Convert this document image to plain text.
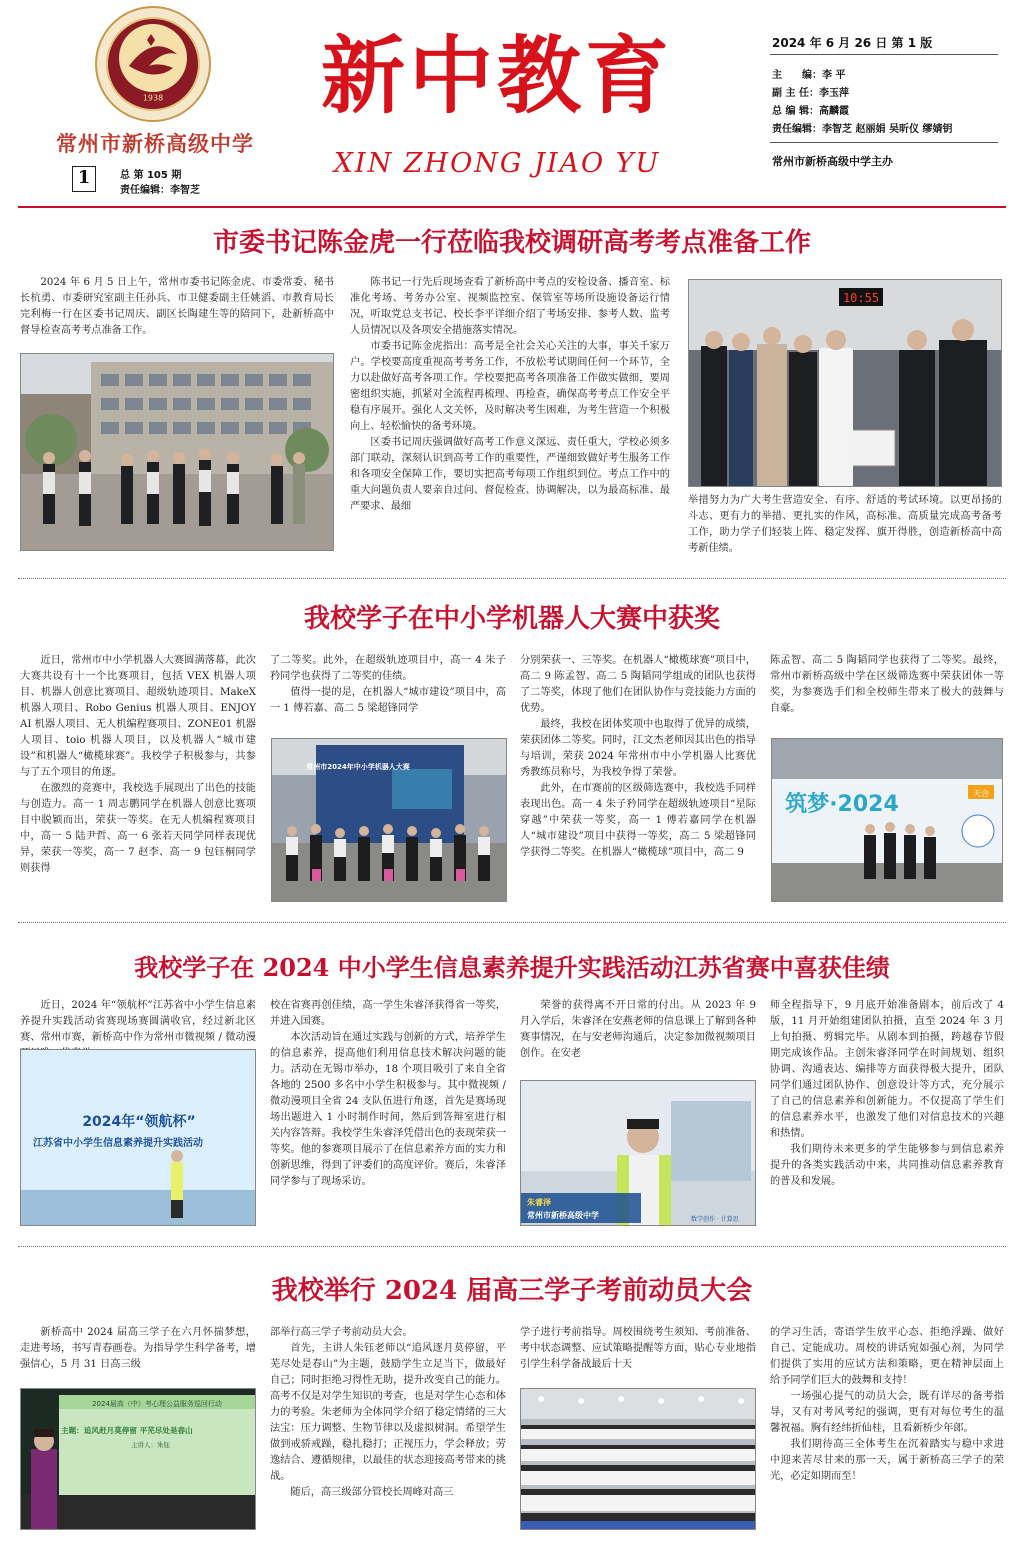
1938
常州市新桥高级中学
1	总 第 105 期
责任编辑：李智芝
新中教育
XIN ZHONG JIAO YU
2024 年 6 月 26 日 第 1 版
主　　编：李 平
副 主 任：李玉萍
总 编 辑：高麟霞
责任编辑：李智芝 赵丽娟 吴昕仪 缪婧钥
常州市新桥高级中学主办
市委书记陈金虎一行莅临我校调研高考考点准备工作

2024 年 6 月 5 日上午，常州市委书记陈金虎、市委常委、秘书长杭勇、市委研究室副主任孙兵、市卫健委副主任姚滔、市教育局长完利梅一行在区委书记周庆、副区长陶建生等的陪同下，赴新桥高中督导检查高考考点准备工作。

陈书记一行先后现场查看了新桥高中考点的安检设备、播音室、标准化考场、考务办公室、视频监控室、保管室等场所设施设备运行情况，听取党总支书记、校长李平详细介绍了考场安排、参考人数、监考人员情况以及各项安全措施落实情况。

市委书记陈金虎指出：高考是全社会关心关注的大事，事关千家万户。学校要高度重视高考考务工作，不放松考试期间任何一个环节，全力以赴做好高考各项工作。学校要把高考各项准备工作做实做细，要周密组织实施，抓紧对全流程再梳理、再检查，确保高考考点工作安全平稳有序展开。强化人文关怀，及时解决考生困难，为考生营造一个积极向上、轻松愉快的备考环境。

区委书记周庆强调做好高考工作意义深远、责任重大，学校必须多部门联动，深刻认识到高考工作的重要性，严谨细致做好考生服务工作和各项安全保障工作，要切实把高考每项工作组织到位。考点工作中的重大问题负责人要亲自过问、督促检查、协调解决，以为最高标准、最严要求、最细

10:55

举措努力为广大考生营造安全、有序、舒适的考试环境。以更昂扬的斗志、更有力的举措、更扎实的作风，高标准、高质量完成高考备考工作，助力学子们轻装上阵、稳定发挥、旗开得胜，创造新桥高中高考新佳绩。

我校学子在中小学机器人大赛中获奖

近日，常州市中小学机器人大赛圆满落幕，此次大赛共设有十一个比赛项目，包括 VEX 机器人项目、机器人创意比赛项目、超级轨迹项目、MakeX 机器人项目、Robo Genius 机器人项目、ENJOY AI 机器人项目、无人机编程赛项目、ZONE01 机器人项目、toio 机器人项目，以及机器人“城市建设”和机器人“橄榄球赛”。我校学子积极参与，共参与了五个项目的角逐。

在激烈的竞赛中，我校选手展现出了出色的技能与创造力。高一 1 周志鹏同学在机器人创意比赛项目中脱颖而出，荣获一等奖。在无人机编程赛项目中，高一 5 陆尹哲、高一 6 张若天同学同样表现优异，荣获一等奖，高一 7 赵李、高一 9 包钰桐同学则获得

了二等奖。此外，在超级轨迹项目中，高一 4 朱子矜同学也获得了二等奖的佳绩。

值得一提的是，在机器人“城市建设”项目中，高一 1 傅若嘉、高二 5 梁超锋同学

常州市2024年中小学机器人大赛

分别荣获一、三等奖。在机器人“橄榄球赛”项目中，高二 9 陈孟智、高二 5 陶韬同学组成的团队也获得了二等奖，体现了他们在团队协作与竞技能力方面的优势。

最终，我校在团体奖项中也取得了优异的成绩，荣获团体二等奖。同时，江文杰老师因其出色的指导与培训，荣获 2024 年常州市中小学机器人比赛优秀教练员称号，为我校争得了荣誉。

此外，在市赛前的区级筛选赛中，我校选手同样表现出色。高一 4 朱子矜同学在超级轨迹项目“星际穿越”中荣获一等奖，高一 1 傅若嘉同学在机器人“城市建设”项目中获得一等奖，高二 5 梁超锋同学获得二等奖。在机器人“橄榄球”项目中，高二 9

陈孟智、高二 5 陶韬同学也获得了二等奖。最终，常州市新桥高级中学在区级筛选赛中荣获团体一等奖，为参赛选手们和全校师生带来了极大的鼓舞与自豪。

筑梦·2024	天合
我校学子在 2024 中小学生信息素养提升实践活动江苏省赛中喜获佳绩

近日，2024 年“领航杯”江苏省中小学生信息素养提升实践活动省赛现场赛圆满收官，经过新北区赛、常州市赛，新桥高中作为常州市微视频 / 微动漫

2024年“领航杯”
江苏省中小学生信息素养提升实践活动

校在省赛再创佳绩，高一学生朱睿泽获得省一等奖，并进入国赛。

本次活动旨在通过实践与创新的方式，培养学生的信息素养，提高他们利用信息技术解决问题的能力。活动在无锡市举办，18 个项目吸引了来自全省各地的 2500 多名中小学生积极参与。其中微视频 / 微动漫项目全省 24 支队伍进行角逐，首先是赛场现场出题进入 1 小时制作时间，然后到答辩室进行相关内容答辩。我校学生朱睿泽凭借出色的表现荣获一等奖。他的参赛项目展示了在信息素养方面的实力和创新思维，得到了评委们的高度评价。赛后，朱睿泽同学参与了现场采访。

荣誉的获得离不开日常的付出。从 2023 年 9 月入学后，朱睿泽在安燕老师的信息课上了解到各种赛事情况，在与安老师沟通后，决定参加微视频项目创作。在安老

朱睿泽
常州市新桥高级中学	数学创作 · 计算思

师全程指导下，9 月底开始准备剧本，前后改了 4 版，11 月开始组建团队拍摄，直至 2024 年 3 月上旬拍摄、剪辑完毕。从剧本到拍摄，跨越春节假期完成该作品。主创朱睿泽同学在时间规划、组织协调、沟通表达、编排等方面获得极大提升，团队同学们通过团队协作、创意设计等方式，充分展示了自己的信息素养和创新能力。不仅提高了学生们的信息素养水平，也激发了他们对信息技术的兴趣和热情。

我们期待未来更多的学生能够参与到信息素养提升的各类实践活动中来，共同推动信息素养教育的普及和发展。

我校举行 2024 届高三学子考前动员大会

新桥高中 2024 届高三学子在六月怀揣梦想，走进考场，书写青春画卷。为指导学生科学备考，增强信心，5 月 31 日高三级

2024届高（中）考心理公益服务巡回行动
主题：追风赶月莫停留 平芜尽处是春山
主讲人：朱钰

部举行高三学子考前动员大会。

首先，主讲人朱钰老师以“追风逐月莫停留，平芜尽处是春山”为主题，鼓励学生立足当下，做最好自己；同时拒绝习得性无助，提升改变自己的能力。高考不仅是对学生知识的考查，也是对学生心态和体力的考验。朱老师为全体同学介绍了稳定情绪的三大法宝：压力调整、生物节律以及虚拟树洞。希望学生做到戒骄戒躁，稳扎稳打；正视压力，学会释放；劳逸结合、遵循规律，以最佳的状态迎接高考带来的挑战。

随后，高三级部分管校长周峰对高三

学子进行考前指导。周校围绕考生须知、考前准备、考中状态调整、应试策略提醒等方面，贴心专业地指引学生科学备战最后十天

的学习生活，寄语学生放平心态、拒绝浮躁、做好自己、定能成功。周校的讲话宛如强心剂，为同学们提供了实用的应试方法和策略，更在精神层面上给予同学们巨大的鼓舞和支持！

一场强心提气的动员大会，既有详尽的备考指导，又有对考风考纪的强调，更有对每位考生的温馨祝福。胸有经纬折仙桂，且看新桥少年郎。

我们期待高三全体考生在沉着踏实与稳中求进中迎来苦尽甘来的那一天，属于新桥高三学子的荣光，必定如期而至！
